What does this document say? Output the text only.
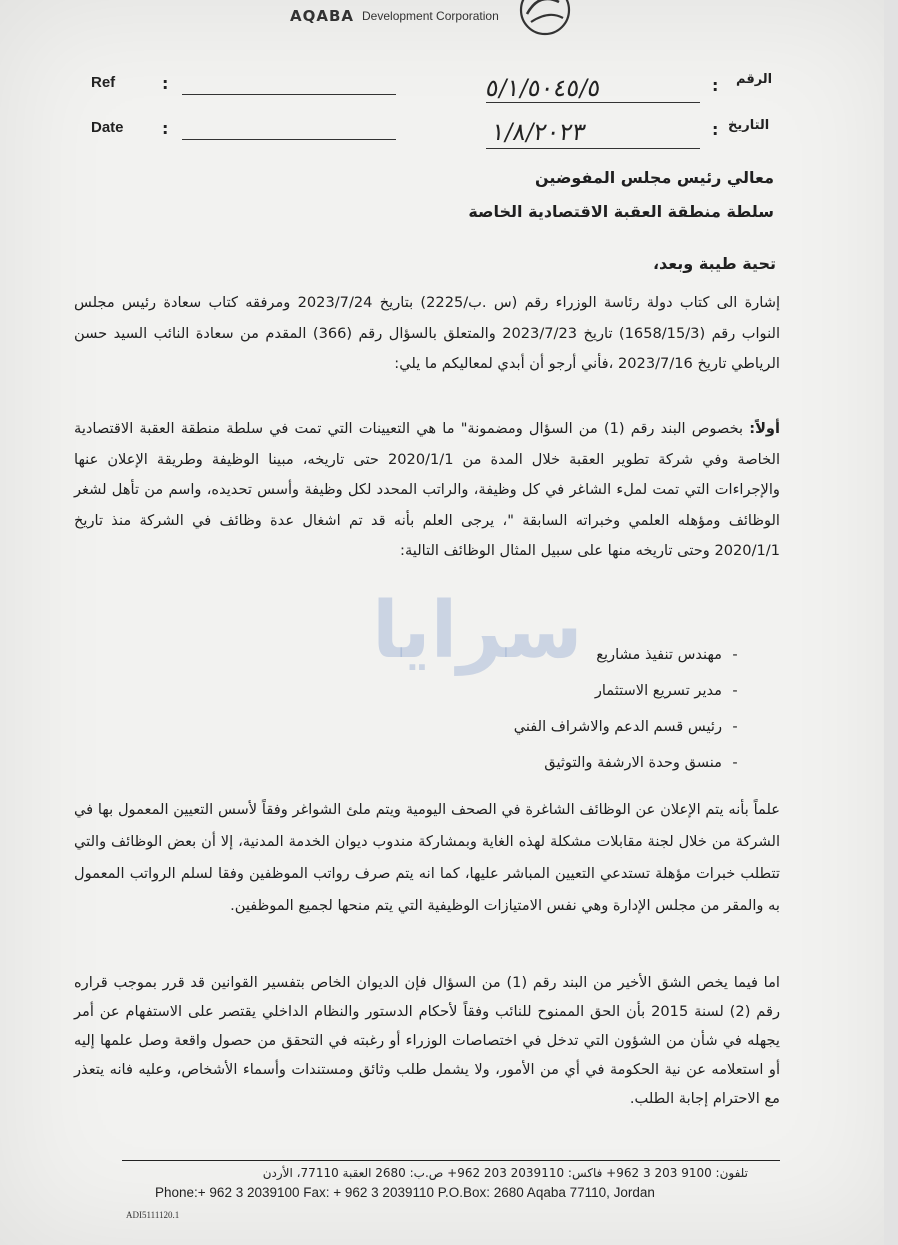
AQABA Development Corporation
Ref	:
Date :
الرقم
:
٥/١/٥٠٤٥/٥
التاريخ
:
١/٨/٢٠٢٣
معالي رئيس مجلس المفوضين
سلطة منطقة العقبة الاقتصادية الخاصة
تحية طيبة وبعد،
إشارة الى كتاب دولة رئاسة الوزراء رقم (س .ب/2225) بتاريخ 2023/7/24 ومرفقه كتاب سعادة رئيس مجلس النواب رقم (1658/15/3) تاريخ 2023/7/23 والمتعلق بالسؤال رقم (366) المقدم من سعادة النائب السيد حسن الرياطي تاريخ 2023/7/16 ،فأني أرجو أن أبدي لمعاليكم ما يلي:
أولاً: بخصوص البند رقم (1) من السؤال ومضمونة" ما هي التعيينات التي تمت في سلطة منطقة العقبة الاقتصادية الخاصة وفي شركة تطوير العقبة خلال المدة من 2020/1/1 حتى تاريخه، مبينا الوظيفة وطريقة الإعلان عنها والإجراءات التي تمت لملء الشاغر في كل وظيفة، والراتب المحدد لكل وظيفة وأسس تحديده، واسم من تأهل لشغر الوظائف ومؤهله العلمي وخبراته السابقة "، يرجى العلم بأنه قد تم اشغال عدة وظائف في الشركة منذ تاريخ 2020/1/1 وحتى تاريخه منها على سبيل المثال الوظائف التالية:
-
مهندس تنفيذ مشاريع
-
مدير تسريع الاستثمار
-
رئيس قسم الدعم والاشراف الفني
-
منسق وحدة الارشفة والتوثيق
سرايا
علماً بأنه يتم الإعلان عن الوظائف الشاغرة في الصحف اليومية ويتم ملئ الشواغر وفقاً لأسس التعيين المعمول بها في الشركة من خلال لجنة مقابلات مشكلة لهذه الغاية وبمشاركة مندوب ديوان الخدمة المدنية، إلا أن بعض الوظائف والتي تتطلب خبرات مؤهلة تستدعي التعيين المباشر عليها، كما انه يتم صرف رواتب الموظفين وفقا لسلم الرواتب المعمول به والمقر من مجلس الإدارة وهي نفس الامتيازات الوظيفية التي يتم منحها لجميع الموظفين.
اما فيما يخص الشق الأخير من البند رقم (1) من السؤال فإن الديوان الخاص بتفسير القوانين قد قرر بموجب قراره رقم (2) لسنة 2015 بأن الحق الممنوح للنائب وفقاً لأحكام الدستور والنظام الداخلي يقتصر على الاستفهام عن أمر يجهله في شأن من الشؤون التي تدخل في اختصاصات الوزراء أو رغبته في التحقق من حصول واقعة وصل علمها إليه أو استعلامه عن نية الحكومة في أي من الأمور، ولا يشمل طلب وثائق ومستندات وأسماء الأشخاص، وعليه فانه يتعذر مع الاحترام إجابة الطلب.
تلفون: 9100 203 3 962+ فاكس: 2039110 203 962+ ص.ب: 2680 العقبة 77110، الأردن
Phone:+ 962 3 2039100 Fax: + 962 3 2039110 P.O.Box: 2680 Aqaba 77110, Jordan
ADI5111120.1
